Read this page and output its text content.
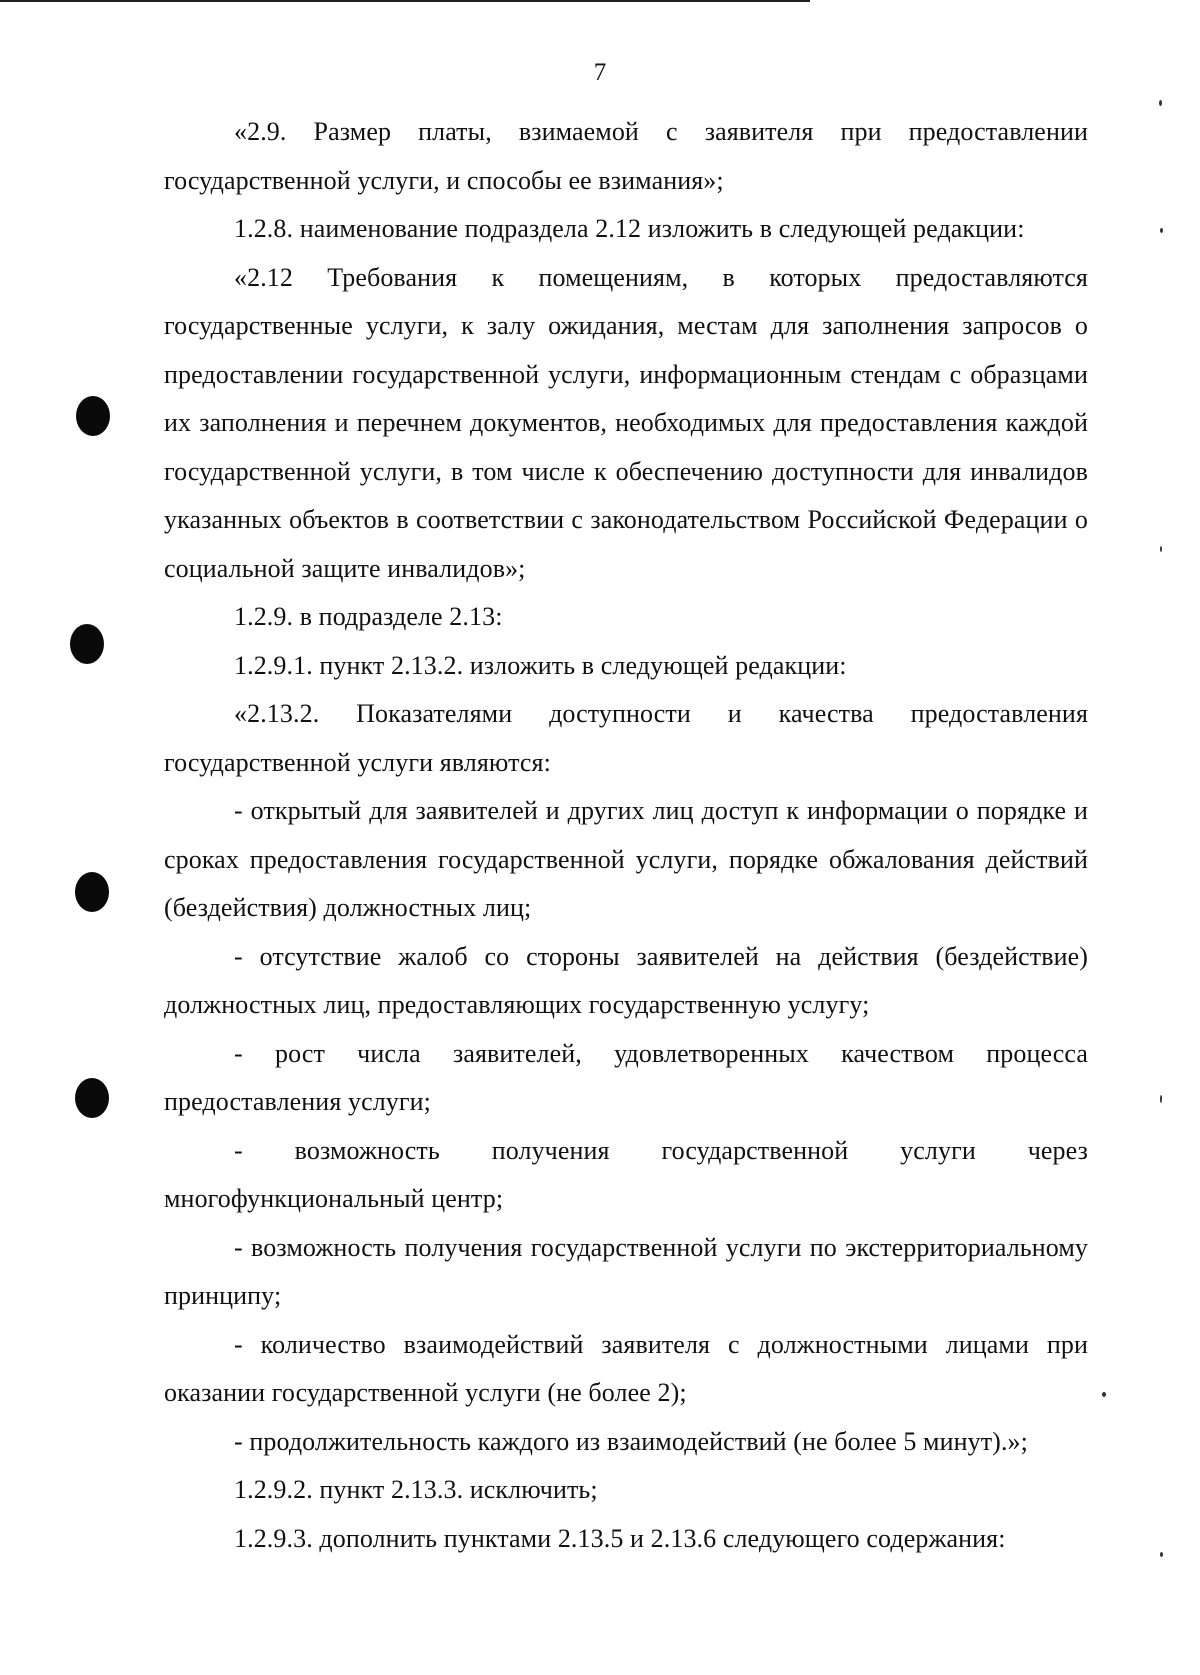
7

«2.9. Размер платы, взимаемой с заявителя при предоставлении государственной услуги, и способы ее взимания»;

1.2.8. наименование подраздела 2.12 изложить в следующей редакции:

«2.12 Требования к помещениям, в которых предоставляются государственные услуги, к залу ожидания, местам для заполнения запросов о предоставлении государственной услуги, информационным стендам с образцами их заполнения и перечнем документов, необходимых для предоставления каждой государственной услуги, в том числе к обеспечению доступности для инвалидов указанных объектов в соответствии с законодательством Российской Федерации о социальной защите инвалидов»;

1.2.9. в подразделе 2.13:

1.2.9.1. пункт 2.13.2. изложить в следующей редакции:

«2.13.2. Показателями доступности и качества предоставления государственной услуги являются:

- открытый для заявителей и других лиц доступ к информации о порядке и сроках предоставления государственной услуги, порядке обжалования действий (бездействия) должностных лиц;

- отсутствие жалоб со стороны заявителей на действия (бездействие) должностных лиц, предоставляющих государственную услугу;

- рост числа заявителей, удовлетворенных качеством процесса предоставления услуги;

- возможность получения государственной услуги через многофункциональный центр;

- возможность получения государственной услуги по экстерриториальному принципу;

- количество взаимодействий заявителя с должностными лицами при оказании государственной услуги (не более 2);

- продолжительность каждого из взаимодействий (не более 5 минут).»;

1.2.9.2. пункт 2.13.3. исключить;

1.2.9.3. дополнить пунктами 2.13.5 и 2.13.6 следующего содержания:
